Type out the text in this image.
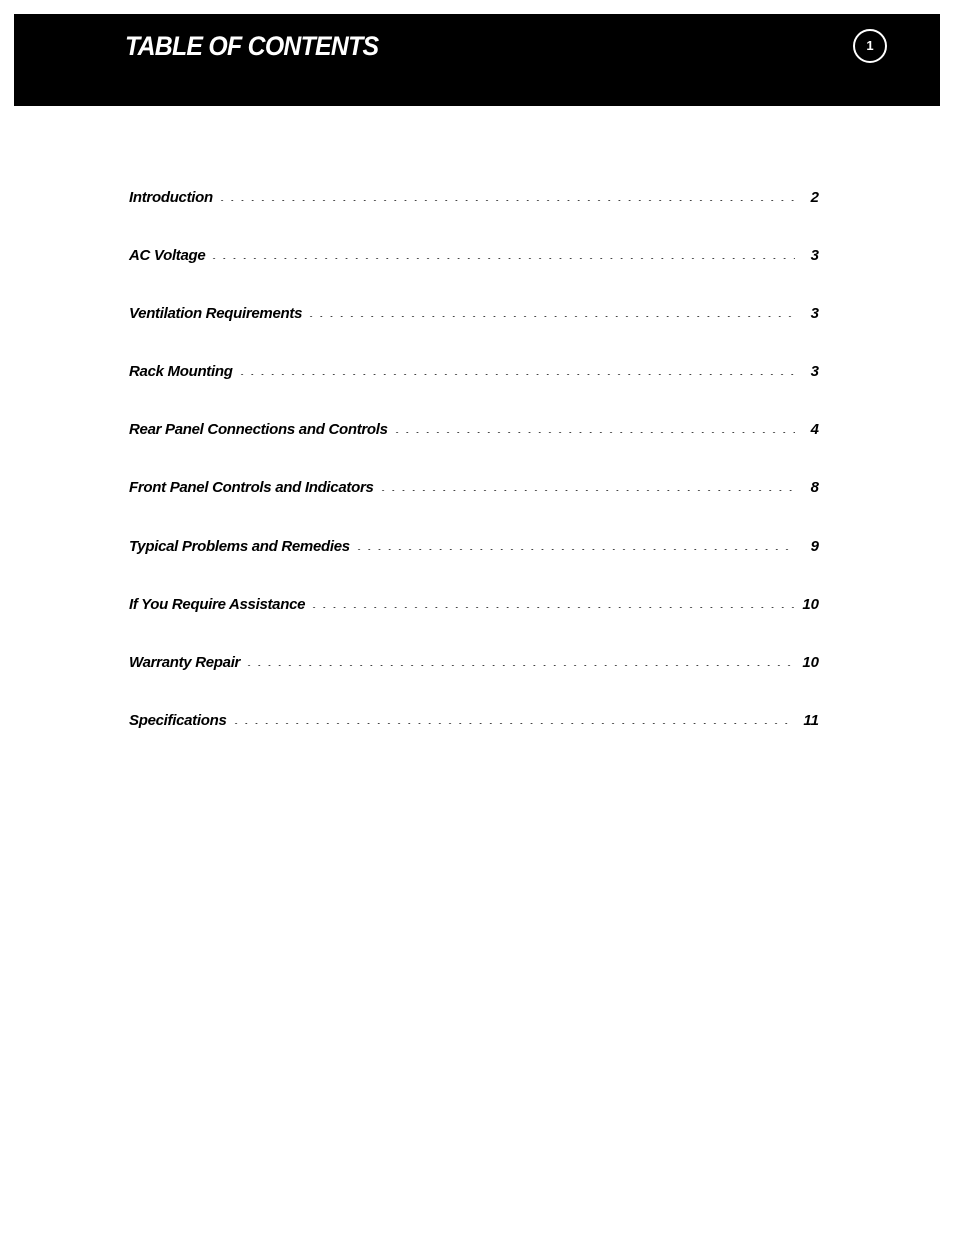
TABLE OF CONTENTS	1
Introduction	2
AC Voltage	3
Ventilation Requirements	3
Rack Mounting	3
Rear Panel Connections and Controls	4
Front Panel Controls and Indicators	8
Typical Problems and Remedies	9
If You Require Assistance	10
Warranty Repair	10
Specifications	11
